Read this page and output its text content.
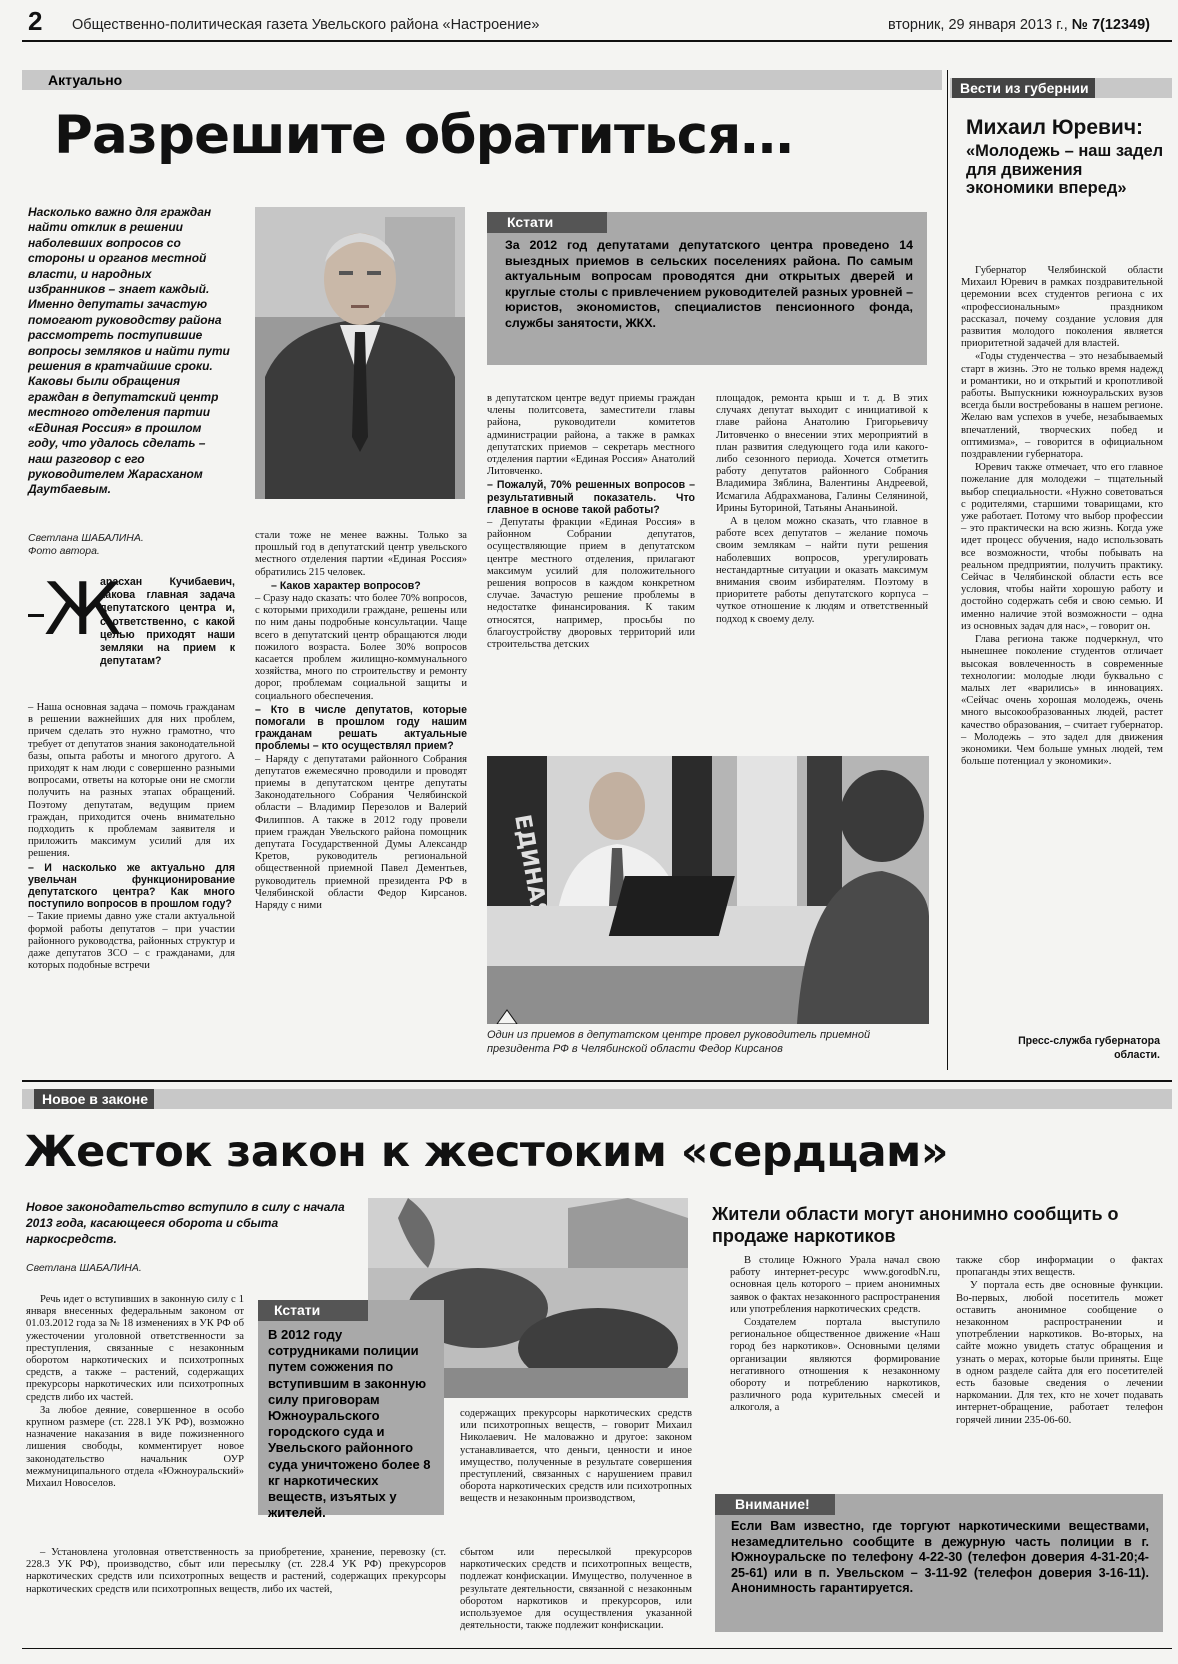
2 Общественно-политическая газета Увельского района «Настроение»	вторник, 29 января 2013 г., № 7(12349)
Актуально
Разрешите обратиться…
Насколько важно для граждан найти отклик в решении наболевших вопросов со стороны и органов местной власти, и народных избранников – знает каждый. Именно депутаты зачастую помогают руководству района рассмотреть поступившие вопросы земляков и найти пути решения в кратчайшие сроки. Каковы были обращения граждан в депутатский центр местного отделения партии «Единая Россия» в прошлом году, что удалось сделать – наш разговор с его руководителем Жарасханом Даутбаевым.
Светлана ШАБАЛИНА.
Фото автора.
Кстати
За 2012 год депутатами депутатского центра проведено 14 выездных приемов в сельских поселениях района. По самым актуальным вопросам проводятся дни открытых дверей и круглые столы с привлечением руководителей разных уровней – юристов, экономистов, специалистов пенсионного фонда, службы занятости, ЖКХ.
Ж
арасхан Кучибаевич, какова главная задача депутатского центра и, соответственно, с какой целью приходят наши земляки на прием к депутатам?

– Наша основная задача – помочь гражданам в решении важнейших для них проблем, причем сделать это нужно грамотно, что требует от депутатов знания законодательной базы, опыта работы и многого другого. А приходят к нам люди с совершенно разными вопросами, ответы на которые они не смогли получить на разных этапах обращений. Поэтому депутатам, ведущим прием граждан, приходится очень внимательно подходить к проблемам заявителя и приложить максимум усилий для их решения.

– И насколько же актуально для увельчан функционирование депутатского центра? Как много поступило вопросов в прошлом году?

– Такие приемы давно уже стали актуальной формой работы депутатов – при участии районного руководства, районных структур и даже депутатов ЗСО – с гражданами, для которых подобные встречи

стали тоже не менее важны. Только за прошлый год в депутатский центр увельского местного отделения партии «Единая Россия» обратились 215 человек.

– Каков характер вопросов?

– Сразу надо сказать: что более 70% вопросов, с которыми приходили граждане, решены или по ним даны подробные консультации. Чаще всего в депутатский центр обращаются люди пожилого возраста. Более 30% вопросов касается проблем жилищно-коммунального хозяйства, много по строительству и ремонту дорог, проблемам социальной защиты и социального обеспечения.

– Кто в числе депутатов, которые помогали в прошлом году нашим гражданам решать актуальные проблемы – кто осуществлял прием?

– Наряду с депутатами районного Собрания депутатов ежемесячно проводили и проводят приемы в депутатском центре депутаты Законодательного Собрания Челябинской области – Владимир Перезолов и Валерий Филиппов. А также в 2012 году провели прием граждан Увельского района помощник депутата Государственной Думы Александр Кретов, руководитель региональной общественной приемной Павел Дементьев, руководитель приемной президента РФ в Челябинской области Федор Кирсанов. Наряду с ними

в депутатском центре ведут приемы граждан члены политсовета, заместители главы района, руководители комитетов администрации района, а также в рамках депутатских приемов – секретарь местного отделения партии «Единая Россия» Анатолий Литовченко.

– Пожалуй, 70% решенных вопросов – результативный показатель. Что главное в основе такой работы?

– Депутаты фракции «Единая Россия» в районном Собрании депутатов, осуществляющие прием в депутатском центре местного отделения, прилагают максимум усилий для положительного решения вопросов в каждом конкретном случае. Зачастую решение проблемы в недостатке финансирования. К таким относятся, например, просьбы по благоустройству дворовых территорий или строительства детских

площадок, ремонта крыш и т. д. В этих случаях депутат выходит с инициативой к главе района Анатолию Григорьевичу Литовченко о внесении этих мероприятий в план развития следующего года или какого-либо сезонного периода. Хочется отметить работу депутатов районного Собрания Владимира Зяблина, Валентины Андреевой, Исмагила Абдрахманова, Галины Селяниной, Ирины Буториной, Татьяны Ананьиной.

А в целом можно сказать, что главное в работе всех депутатов – желание помочь своим землякам – найти пути решения наболевших вопросов, урегулировать нестандартные ситуации и оказать максимум внимания своим избирателям. Поэтому в приоритете работы депутатского корпуса – чуткое отношение к людям и ответственный подход к своему делу.

Один из приемов в депутатском центре провел руководитель приемной президента РФ в Челябинской области Федор Кирсанов
Вести из губернии
Михаил Юревич:
«Молодежь – наш задел для движения экономики вперед»

Губернатор Челябинской области Михаил Юревич в рамках поздравительной церемонии всех студентов региона с их «профессиональным» праздником рассказал, почему создание условия для развития молодого поколения является приоритетной задачей для властей.

«Годы студенчества – это незабываемый старт в жизнь. Это не только время надежд и романтики, но и открытий и кропотливой работы. Выпускники южноуральских вузов всегда были востребованы в нашем регионе. Желаю вам успехов в учебе, незабываемых впечатлений, творческих побед и оптимизма», – говорится в официальном поздравлении губернатора.

Юревич также отмечает, что его главное пожелание для молодежи – тщательный выбор специальности. «Нужно советоваться с родителями, старшими товарищами, кто уже работает. Потому что выбор профессии – это практически на всю жизнь. Когда уже идет процесс обучения, надо использовать все возможности, чтобы побывать на реальном предприятии, получить практику. Сейчас в Челябинской области есть все условия, чтобы найти хорошую работу и достойно содержать себя и свою семью. И именно наличие этой возможности – одна из основных задач для нас», – говорит он.

Глава региона также подчеркнул, что нынешнее поколение студентов отличает высокая вовлеченность в современные технологии: молодые люди буквально с малых лет «варились» в инновациях. «Сейчас очень хорошая молодежь, очень много высокообразованных людей, растет качество образования, – считает губернатор. – Молодежь – это задел для движения экономики. Чем больше умных людей, тем больше потенциал у экономики».

Пресс-служба губернатора области.
Новое в законе
Жесток закон к жестоким «сердцам»
Новое законодательство вступило в силу с начала 2013 года, касающееся оборота и сбыта наркосредств.
Светлана ШАБАЛИНА.

Речь идет о вступивших в законную силу с 1 января внесенных федеральным законом от 01.03.2012 года за № 18 изменениях в УК РФ об ужесточении уголовной ответственности за преступления, связанные с незаконным оборотом наркотических и психотропных средств, а также – растений, содержащих прекурсоры наркотических или психотропных средств либо их частей.

За любое деяние, совершенное в особо крупном размере (ст. 228.1 УК РФ), возможно назначение наказания в виде пожизненного лишения свободы, комментирует новое законодательство начальник ОУР межмуниципального отдела «Южноуральский» Михаил Новоселов.

Кстати
В 2012 году сотрудниками полиции путем сожжения по вступившим в законную силу приговорам Южноуральского городского суда и Увельского районного суда уничтожено более 8 кг наркотических веществ, изъятых у жителей.
содержащих прекурсоры наркотических средств или психотропных веществ, – говорит Михаил Николаевич. Не маловажно и другое: законом устанавливается, что деньги, ценности и иное имущество, полученные в результате совершения преступлений, связанных с нарушением правил оборота наркотических средств или психотропных веществ и незаконным производством,
– Установлена уголовная ответственность за приобретение, хранение, перевозку (ст. 228.3 УК РФ), производство, сбыт или пересылку (ст. 228.4 УК РФ) прекурсоров наркотических средств или психотропных веществ и растений, содержащих прекурсоры наркотических средств или психотропных веществ, либо их частей,
сбытом или пересылкой прекурсоров наркотических средств и психотропных веществ, подлежат конфискации. Имущество, полученное в результате деятельности, связанной с незаконным оборотом наркотиков и прекурсоров, или используемое для осуществления указанной деятельности, также подлежит конфискации.
Жители области могут анонимно сообщить о продаже наркотиков

В столице Южного Урала начал свою работу интернет-ресурс www.gorodbN.ru, основная цель которого – прием анонимных заявок о фактах незаконного распространения или употребления наркотических средств.

Создателем портала выступило региональное общественное движение «Наш город без наркотиков». Основными целями организации являются формирование негативного отношения к незаконному обороту и потреблению наркотиков, различного рода курительных смесей и алкоголя, а

также сбор информации о фактах пропаганды этих веществ.

У портала есть две основные функции. Во-первых, любой посетитель может оставить анонимное сообщение о незаконном распространении и употреблении наркотиков. Во-вторых, на сайте можно увидеть статус обращения и узнать о мерах, которые были приняты. Еще в одном разделе сайта для его посетителей есть базовые сведения о лечении наркомании. Для тех, кто не хочет подавать интернет-обращение, работает телефон горячей линии 235-06-60.

Внимание!
Если Вам известно, где торгуют наркотическими веществами, незамедлительно сообщите в дежурную часть полиции в г. Южноуральске по телефону 4-22-30 (телефон доверия 4-31-20;4-25-61) или в п. Увельском – 3-11-92 (телефон доверия 3-16-11). Анонимность гарантируется.
